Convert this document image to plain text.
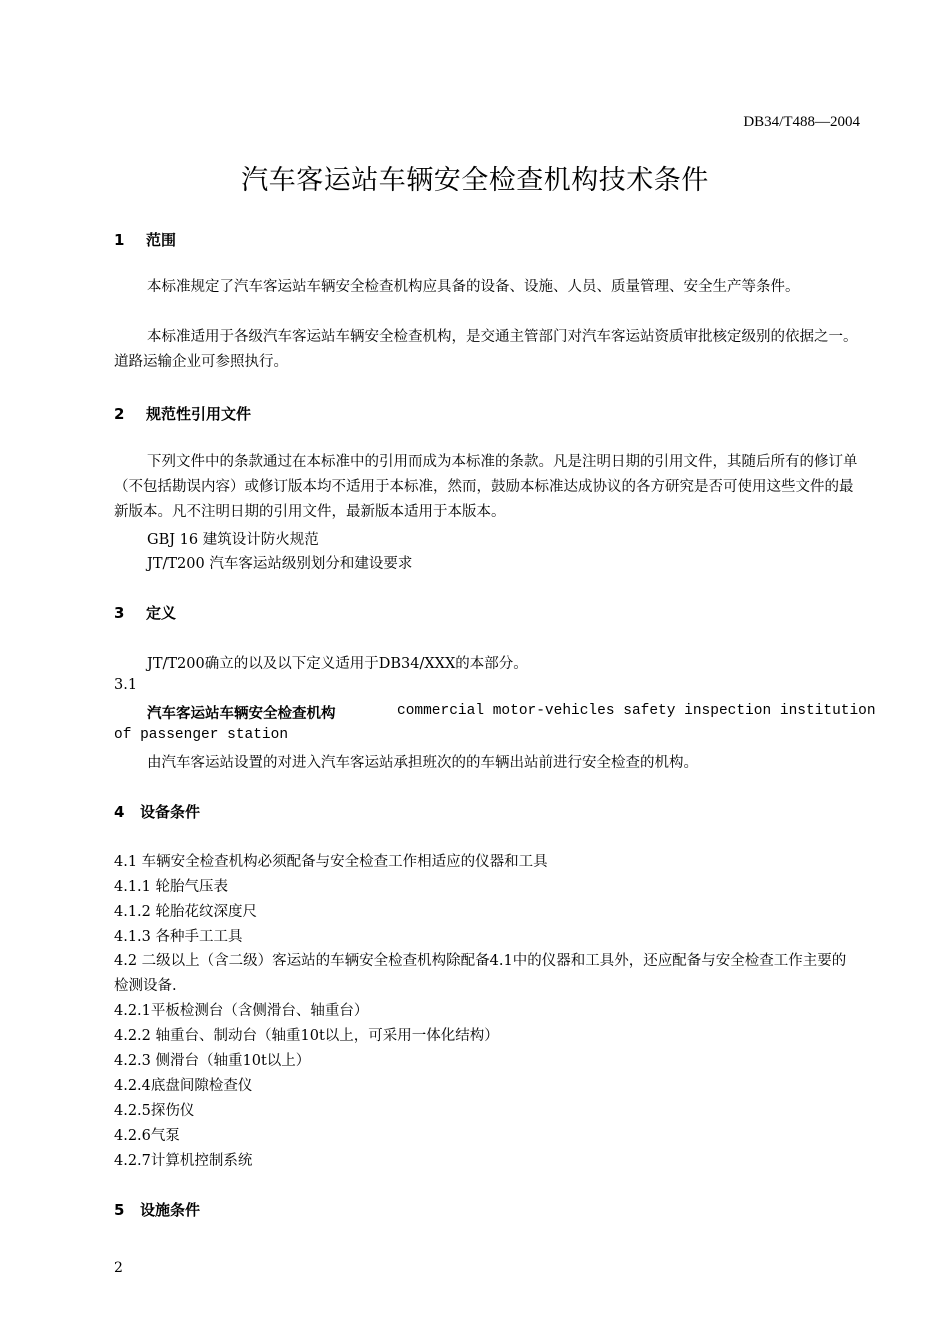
DB34/T488—2004
汽车客运站车辆安全检查机构技术条件
1 范围
本标准规定了汽车客运站车辆安全检查机构应具备的设备、设施、人员、质量管理、安全生产等条件。
本标准适用于各级汽车客运站车辆安全检查机构，是交通主管部门对汽车客运站资质审批核定级别的依据之一。道路运输企业可参照执行。
2 规范性引用文件
下列文件中的条款通过在本标准中的引用而成为本标准的条款。凡是注明日期的引用文件，其随后所有的修订单（不包括勘误内容）或修订版本均不适用于本标准，然而，鼓励本标准达成协议的各方研究是否可使用这些文件的最新版本。凡不注明日期的引用文件，最新版本适用于本版本。
GBJ 16 建筑设计防火规范
JT/T200 汽车客运站级别划分和建设要求
3 定义
JT/T200确立的以及以下定义适用于DB34/XXX的本部分。
3.1
汽车客运站车辆安全检查机构	commercial motor-vehicles safety inspection institution
of passenger station
由汽车客运站设置的对进入汽车客运站承担班次的的车辆出站前进行安全检查的机构。
4 设备条件
4.1 车辆安全检查机构必须配备与安全检查工作相适应的仪器和工具
4.1.1 轮胎气压表
4.1.2 轮胎花纹深度尺
4.1.3 各种手工工具
4.2 二级以上（含二级）客运站的车辆安全检查机构除配备4.1中的仪器和工具外，还应配备与安全检查工作主要的检测设备.
4.2.1平板检测台（含侧滑台、轴重台）
4.2.2 轴重台、制动台（轴重10t以上，可采用一体化结构）
4.2.3 侧滑台（轴重10t以上）
4.2.4底盘间隙检查仪
4.2.5探伤仪
4.2.6气泵
4.2.7计算机控制系统
5 设施条件
2
